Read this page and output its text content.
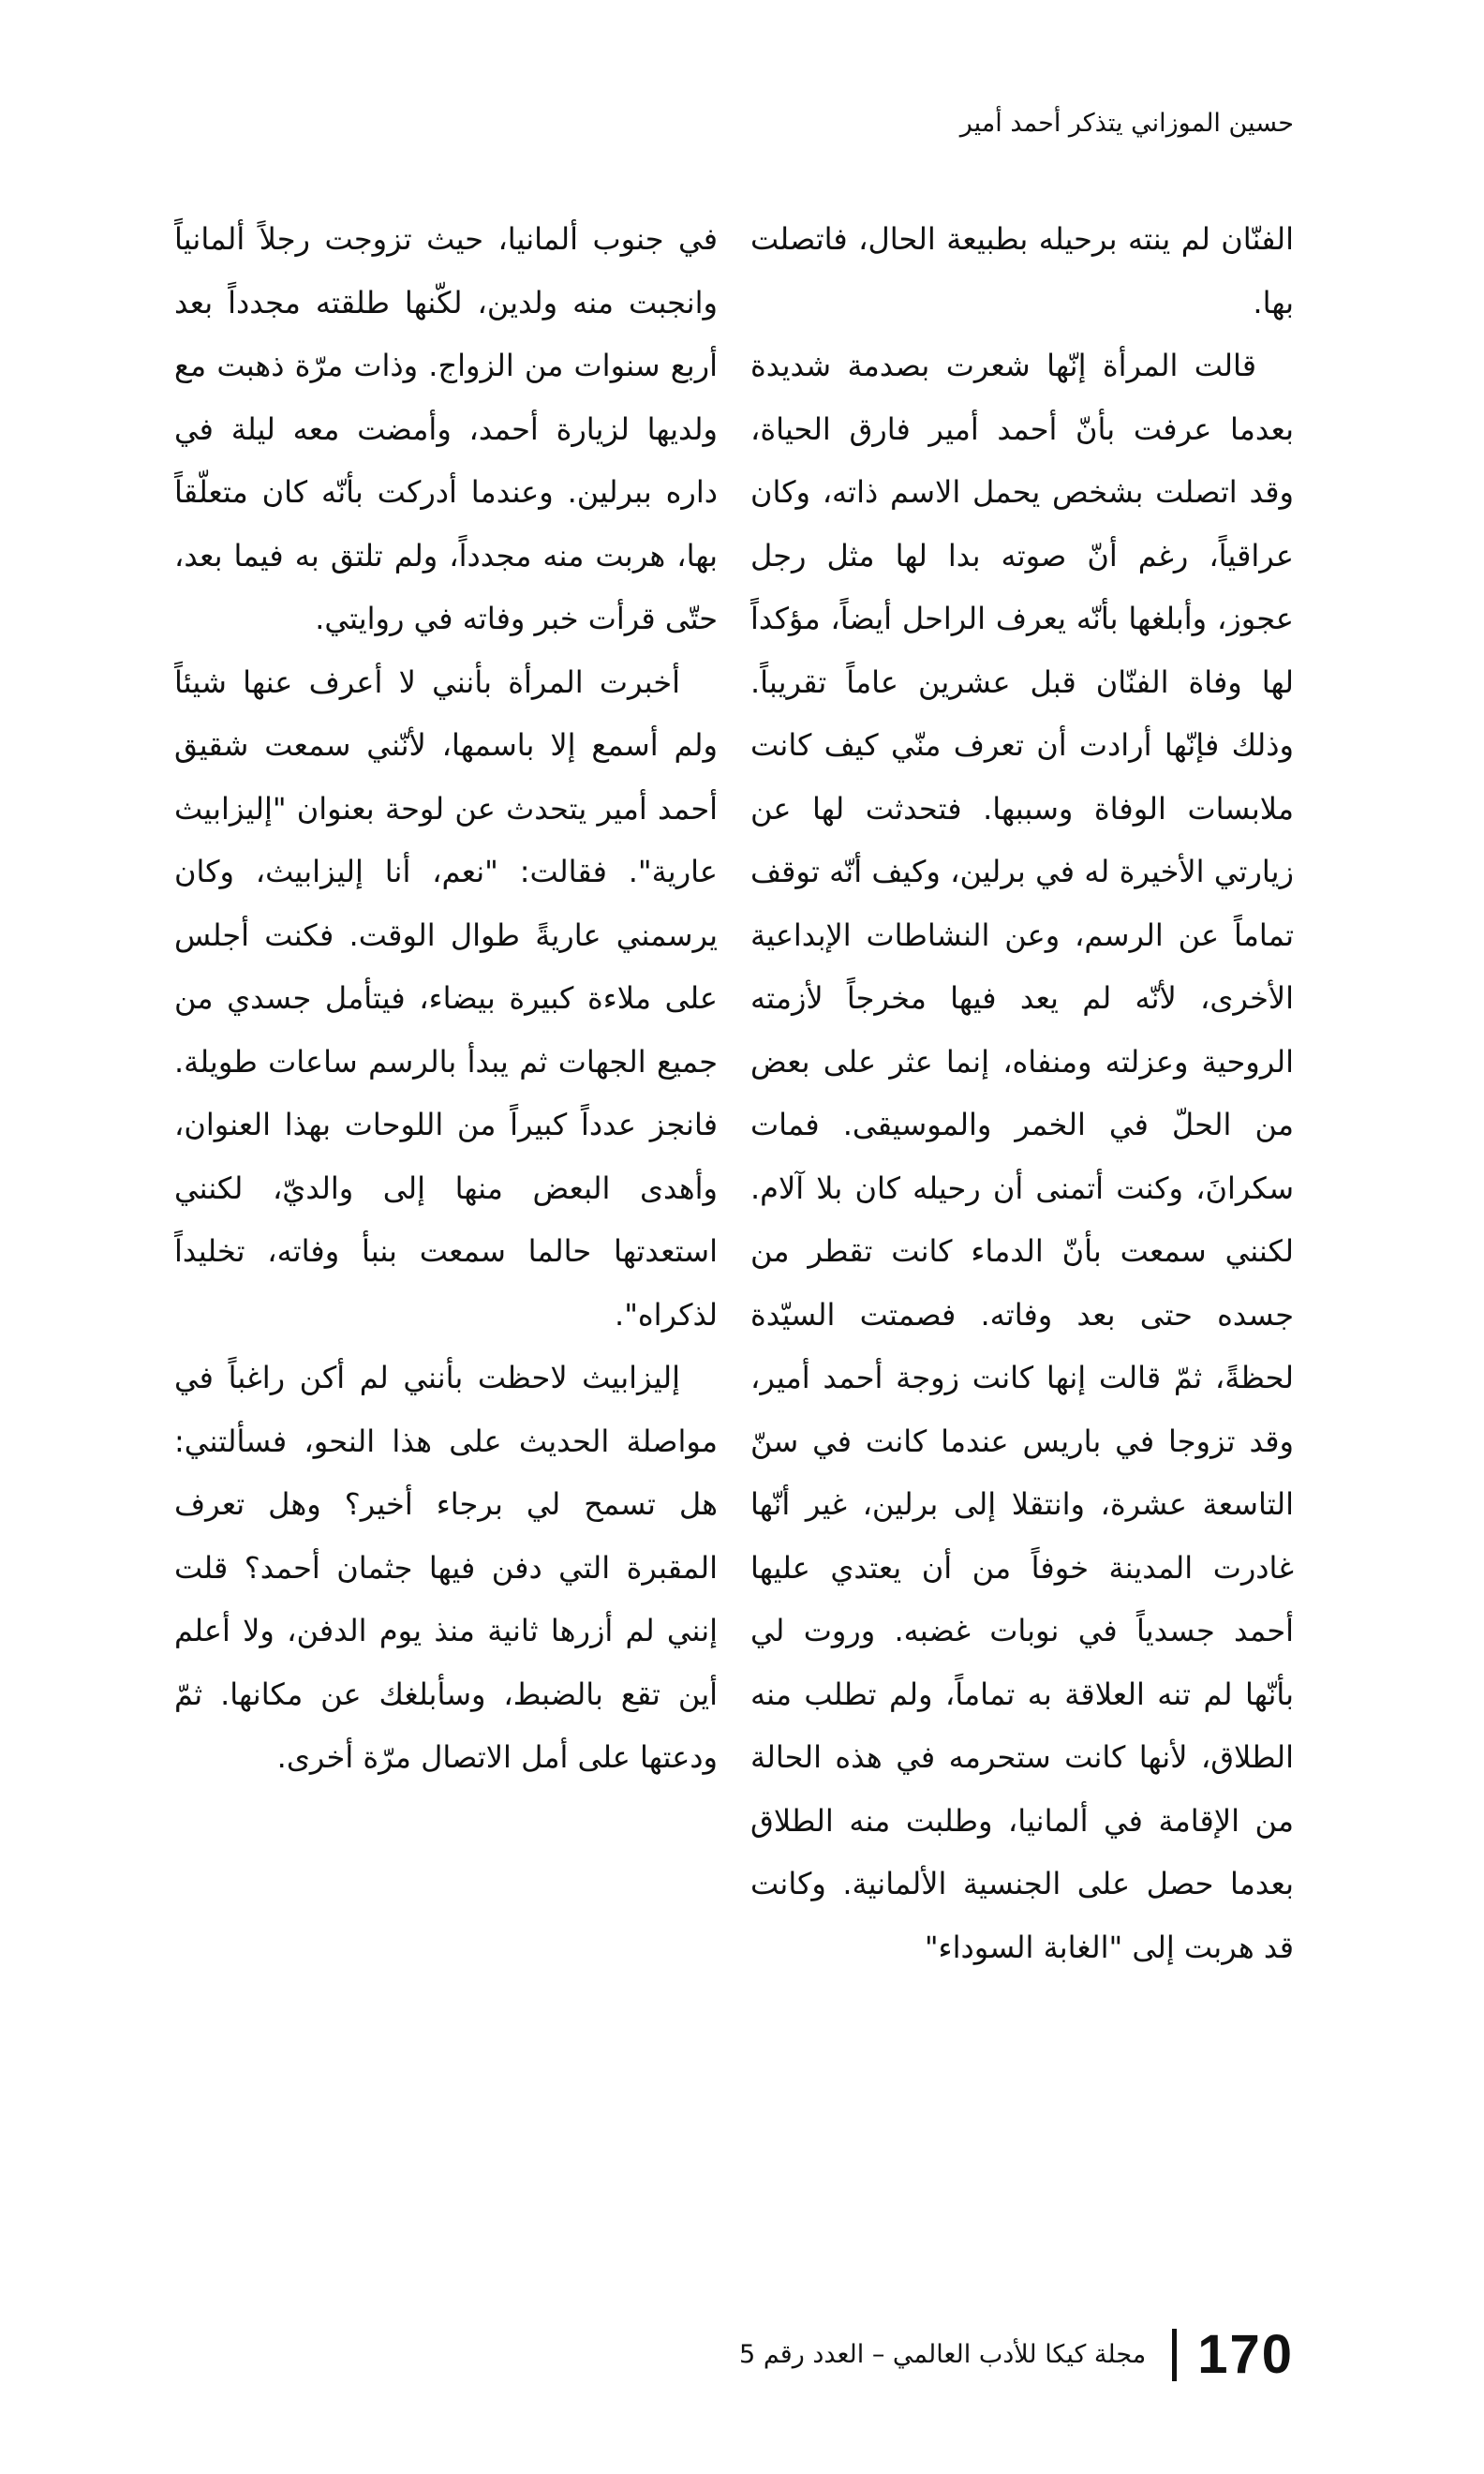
حسين الموزاني يتذكر أحمد أمير

الفنّان لم ينته برحيله بطبيعة الحال، فاتصلت بها.

قالت المرأة إنّها شعرت بصدمة شديدة بعدما عرفت بأنّ أحمد أمير فارق الحياة، وقد اتصلت بشخص يحمل الاسم ذاته، وكان عراقياً، رغم أنّ صوته بدا لها مثل رجل عجوز، وأبلغها بأنّه يعرف الراحل أيضاً، مؤكداً لها وفاة الفنّان قبل عشرين عاماً تقريباً. وذلك فإنّها أرادت أن تعرف منّي كيف كانت ملابسات الوفاة وسببها. فتحدثت لها عن زيارتي الأخيرة له في برلين، وكيف أنّه توقف تماماً عن الرسم، وعن النشاطات الإبداعية الأخرى، لأنّه لم يعد فيها مخرجاً لأزمته الروحية وعزلته ومنفاه، إنما عثر على بعض من الحلّ في الخمر والموسيقى. فمات سكرانَ، وكنت أتمنى أن رحيله كان بلا آلام. لكنني سمعت بأنّ الدماء كانت تقطر من جسده حتى بعد وفاته. فصمتت السيّدة لحظةً، ثمّ قالت إنها كانت زوجة أحمد أمير، وقد تزوجا في باريس عندما كانت في سنّ التاسعة عشرة، وانتقلا إلى برلين، غير أنّها غادرت المدينة خوفاً من أن يعتدي عليها أحمد جسدياً في نوبات غضبه. وروت لي بأنّها لم تنه العلاقة به تماماً، ولم تطلب منه الطلاق، لأنها كانت ستحرمه في هذه الحالة من الإقامة في ألمانيا، وطلبت منه الطلاق بعدما حصل على الجنسية الألمانية. وكانت قد هربت إلى "الغابة السوداء"

في جنوب ألمانيا، حيث تزوجت رجلاً ألمانياً وانجبت منه ولدين، لكّنها طلقته مجدداً بعد أربع سنوات من الزواج. وذات مرّة ذهبت مع ولديها لزيارة أحمد، وأمضت معه ليلة في داره ببرلين. وعندما أدركت بأنّه كان متعلّقاً بها، هربت منه مجدداً، ولم تلتق به فيما بعد، حتّى قرأت خبر وفاته في روايتي.

أخبرت المرأة بأنني لا أعرف عنها شيئاً ولم أسمع إلا باسمها، لأنّني سمعت شقيق أحمد أمير يتحدث عن لوحة بعنوان "إليزابيث عارية". فقالت: "نعم، أنا إليزابيث، وكان يرسمني عاريةً طوال الوقت. فكنت أجلس على ملاءة كبيرة بيضاء، فيتأمل جسدي من جميع الجهات ثم يبدأ بالرسم ساعات طويلة. فانجز عدداً كبيراً من اللوحات بهذا العنوان، وأهدى البعض منها إلى والديّ، لكنني استعدتها حالما سمعت بنبأ وفاته، تخليداً لذكراه".

إليزابيث لاحظت بأنني لم أكن راغباً في مواصلة الحديث على هذا النحو، فسألتني: هل تسمح لي برجاء أخير؟ وهل تعرف المقبرة التي دفن فيها جثمان أحمد؟ قلت إنني لم أزرها ثانية منذ يوم الدفن، ولا أعلم أين تقع بالضبط، وسأبلغك عن مكانها. ثمّ ودعتها على أمل الاتصال مرّة أخرى.

170
مجلة كيكا للأدب العالمي – العدد رقم 5
